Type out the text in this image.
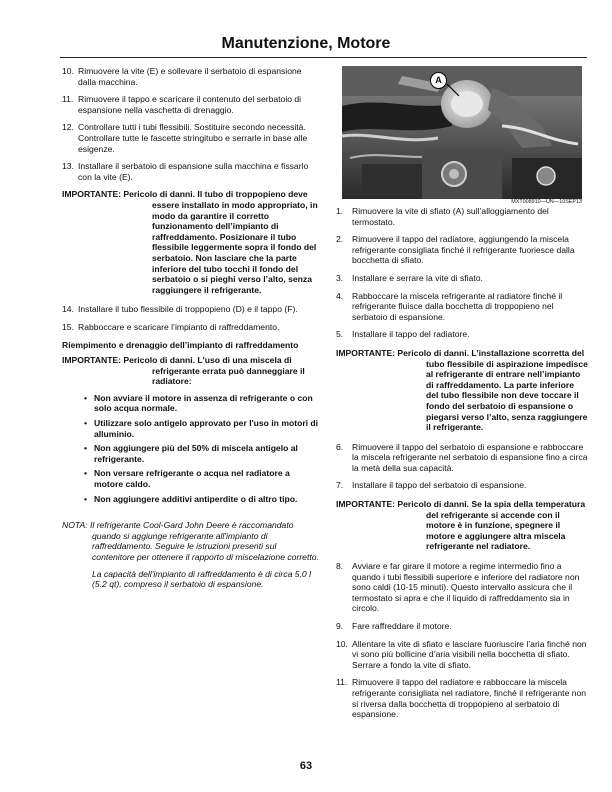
Manutenzione, Motore
10. Rimuovere la vite (E) e sollevare il serbatoio di espansione dalla macchina.
11. Rimuovere il tappo e scaricare il contenuto del serbatoio di espansione nella vaschetta di drenaggio.
12. Controllare tutti i tubi flessibili. Sostituire secondo necessità. Controllare tutte le fascette stringitubo e serrarle in base alle esigenze.
13. Installare il serbatoio di espansione sulla macchina e fissarlo con la vite (E).
IMPORTANTE: Pericolo di danni. Il tubo di troppopieno deve essere installato in modo appropriato, in modo da garantire il corretto funzionamento dell’impianto di raffreddamento. Posizionare il tubo flessibile leggermente sopra il fondo del serbatoio. Non lasciare che la parte inferiore del tubo tocchi il fondo del serbatoio o si pieghi verso l’alto, senza raggiungere il refrigerante.
14. Installare il tubo flessibile di troppopieno (D) e il tappo (F).
15. Rabboccare e scaricare l’impianto di raffreddamento.
Riempimento e drenaggio dell’impianto di raffreddamento
IMPORTANTE: Pericolo di danni. L'uso di una miscela di refrigerante errata può danneggiare il radiatore:
• Non avviare il motore in assenza di refrigerante o con solo acqua normale.
• Utilizzare solo antigelo approvato per l'uso in motori di alluminio.
• Non aggiungere più del 50% di miscela antigelo al refrigerante.
• Non versare refrigerante o acqua nel radiatore a motore caldo.
• Non aggiungere additivi antiperdite o di altro tipo.
NOTA: Il refrigerante Cool-Gard John Deere è raccomandato quando si aggiunge refrigerante all'impianto di raffreddamento. Seguire le istruzioni presenti sul contenitore per ottenere il rapporto di miscelazione corretto.
La capacità dell'impianto di raffreddamento è di circa 5,0 l (5.2 qt), compreso il serbatoio di espansione.
A
MXT008910—UN—10SEP13
1. Rimuovere la vite di sfiato (A) sull’alloggiamento del termostato.
2. Rimuovere il tappo del radiatore, aggiungendo la miscela refrigerante consigliata finché il refrigerante fuoriesce dalla bocchetta di sfiato.
3. Installare e serrare la vite di sfiato.
4. Rabboccare la miscela refrigerante al radiatore finché il refrigerante fluisce dalla bocchetta di troppopieno nel serbatoio di espansione.
5. Installare il tappo del radiatore.
IMPORTANTE: Pericolo di danni. L’installazione scorretta del tubo flessibile di aspirazione impedisce al refrigerante di entrare nell’impianto di raffreddamento. La parte inferiore del tubo flessibile non deve toccare il fondo del serbatoio di espansione o piegarsi verso l’alto, senza raggiungere il refrigerante.
6. Rimuovere il tappo del serbatoio di espansione e rabboccare la miscela refrigerante nel serbatoio di espansione fino a circa la metà della sua capacità.
7. Installare il tappo del serbatoio di espansione.
IMPORTANTE: Pericolo di danni. Se la spia della temperatura del refrigerante si accende con il motore è in funzione, spegnere il motore e aggiungere altra miscela refrigerante nel radiatore.
8. Avviare e far girare il motore a regime intermedio fino a quando i tubi flessibili superiore e inferiore del radiatore non sono caldi (10-15 minuti). Questo intervallo assicura che il termostato si apra e che il liquido di raffreddamento sia in circolo.
9. Fare raffreddare il motore.
10. Allentare la vite di sfiato e lasciare fuoriuscire l’aria finché non vi sono più bollicine d’aria visibili nella bocchetta di sfiato. Serrare a fondo la vite di sfiato.
11. Rimuovere il tappo del radiatore e rabboccare la miscela refrigerante consigliata nel radiatore, finché il refrigerante non si riversa dalla bocchetta di troppopieno al serbatoio di espansione.
63
